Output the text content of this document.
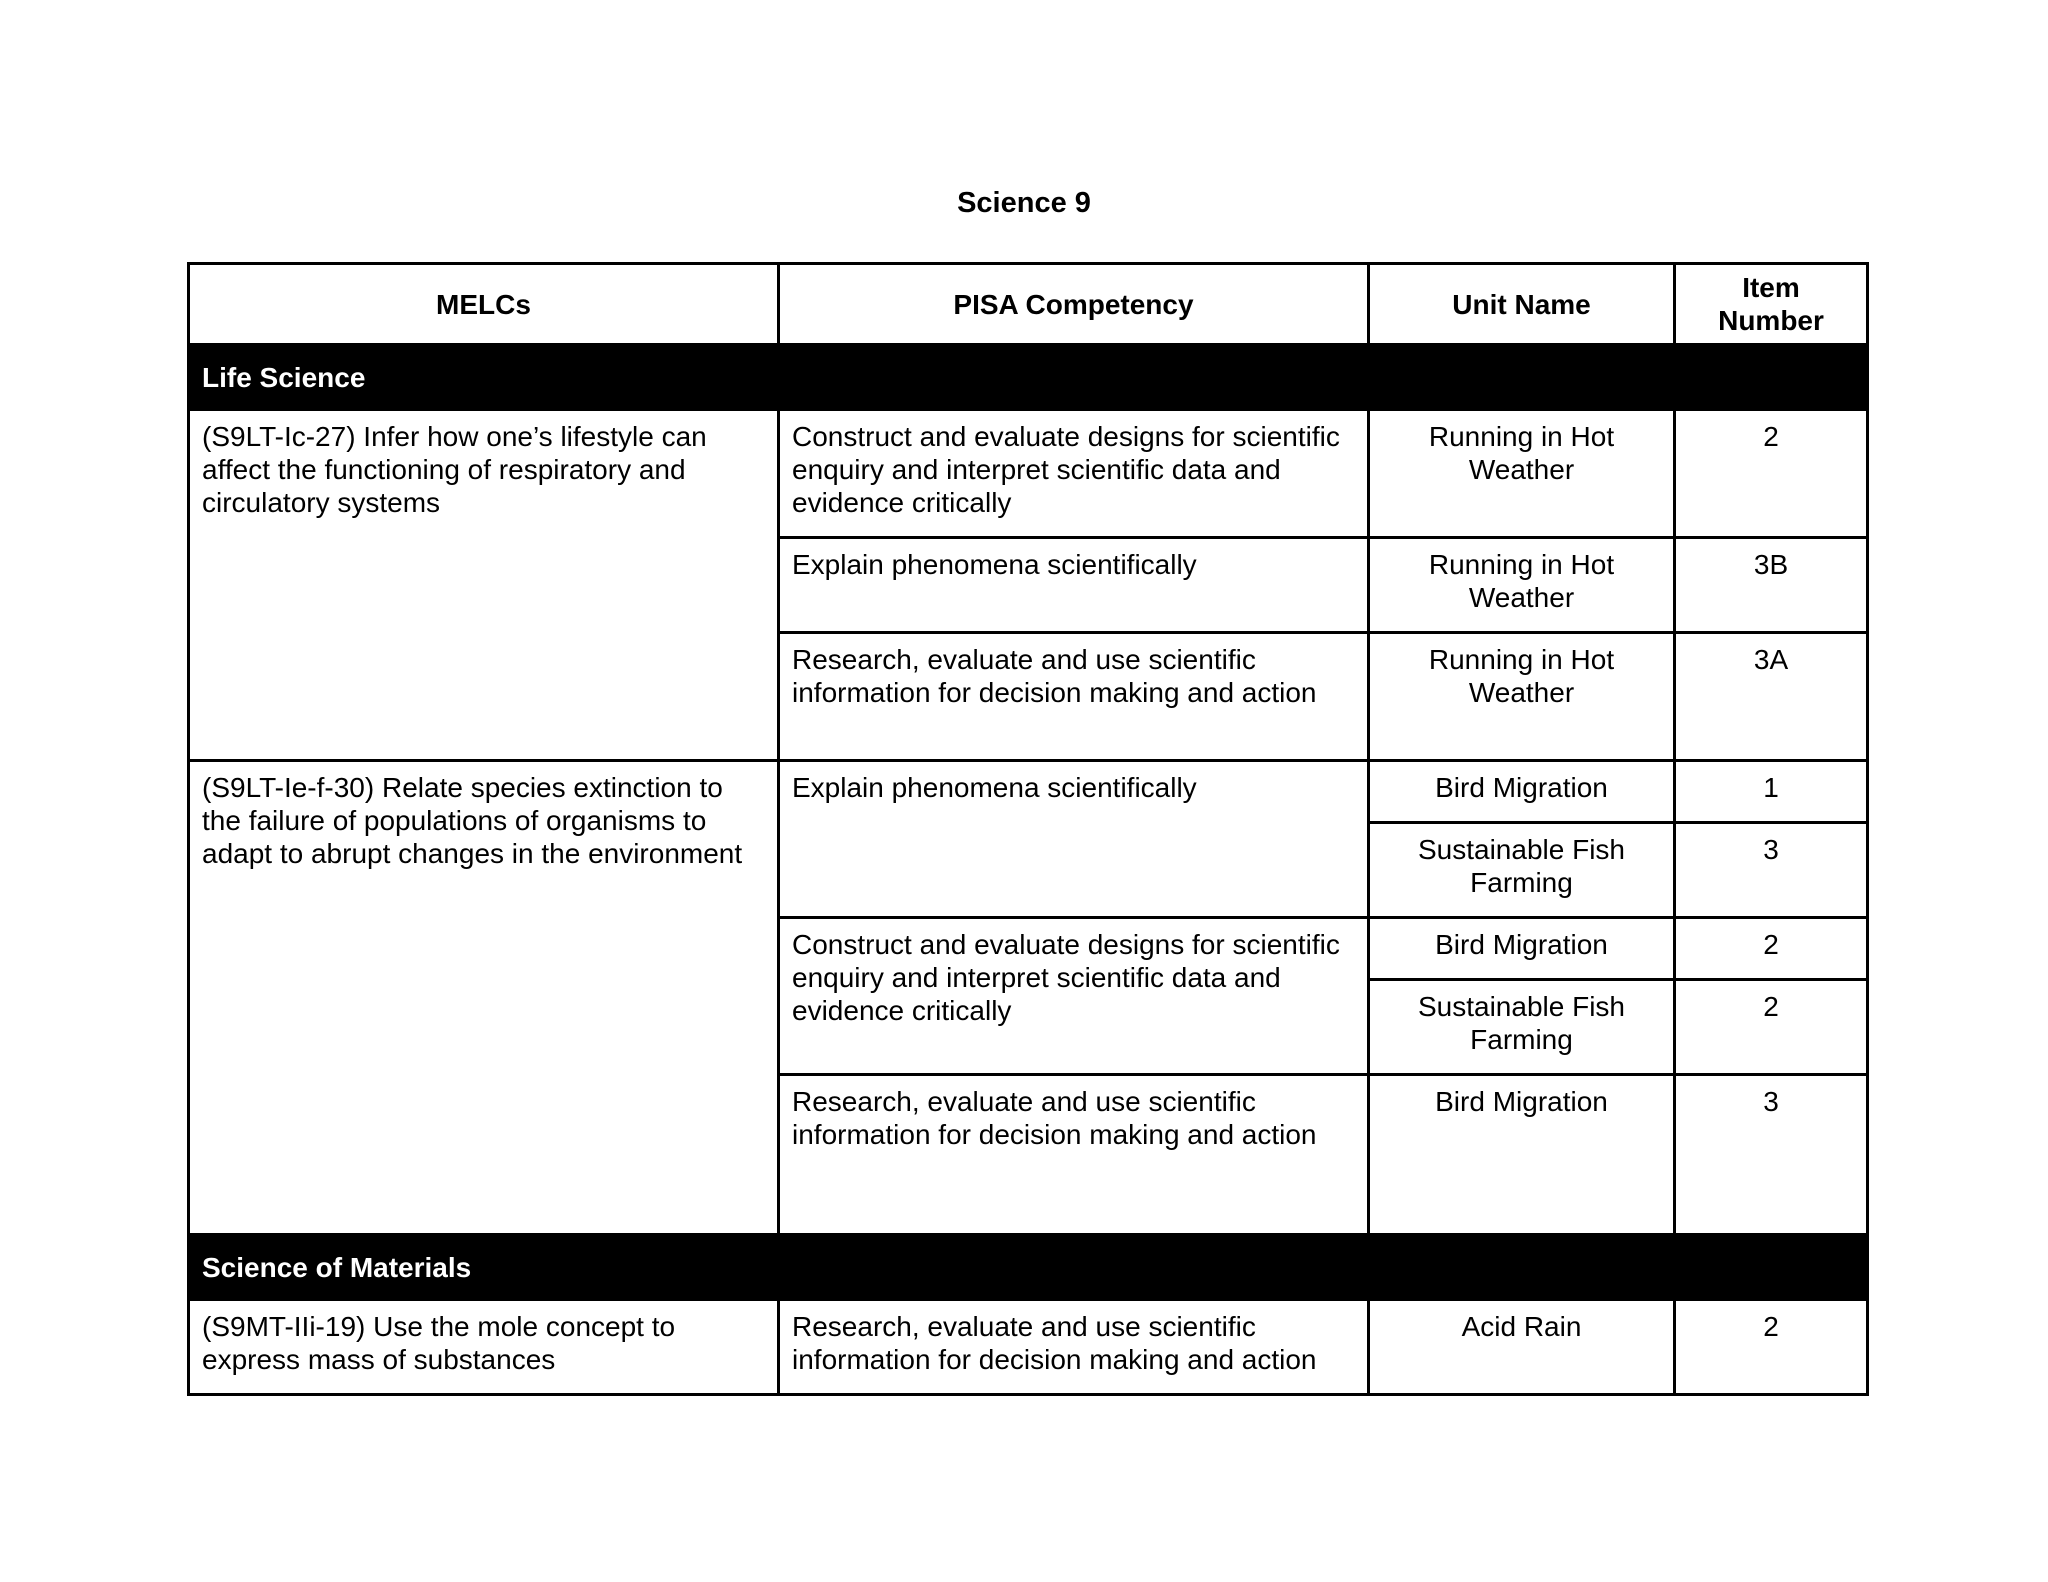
Science 9
MELCs	PISA Competency	Unit Name	Item Number
Life Science			
(S9LT-Ic-27) Infer how one’s lifestyle can affect the functioning of respiratory and circulatory systems	Construct and evaluate designs for scientific enquiry and interpret scientific data and evidence critically	Running in Hot Weather	2
	Explain phenomena scientifically	Running in Hot Weather	3B
	Research, evaluate and use scientific information for decision making and action	Running in Hot Weather	3A
(S9LT-Ie-f-30) Relate species extinction to the failure of populations of organisms to adapt to abrupt changes in the environment	Explain phenomena scientifically	Bird Migration	1
		Sustainable Fish Farming	3
	Construct and evaluate designs for scientific enquiry and interpret scientific data and evidence critically	Bird Migration	2
		Sustainable Fish Farming	2
	Research, evaluate and use scientific information for decision making and action	Bird Migration	3
Science of Materials			
(S9MT-IIi-19) Use the mole concept to express mass of substances	Research, evaluate and use scientific information for decision making and action	Acid Rain	2
